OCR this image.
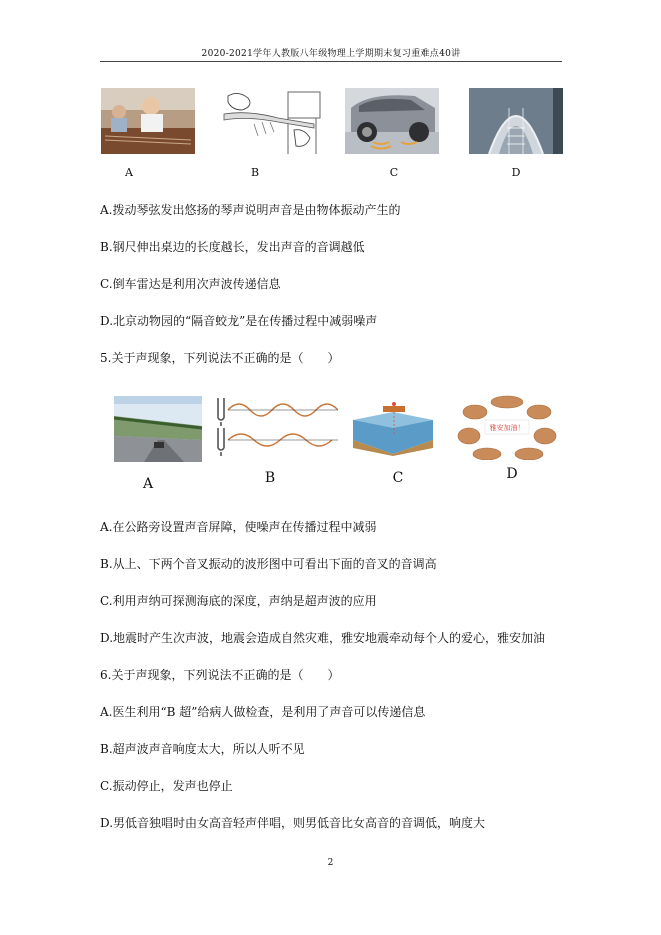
2020-2021学年人教版八年级物理上学期期末复习重难点40讲
A	B	C	D
A.拨动琴弦发出悠扬的琴声说明声音是由物体振动产生的
B.钢尺伸出桌边的长度越长，发出声音的音调越低
C.倒车雷达是利用次声波传递信息
D.北京动物园的“隔音蛟龙”是在传播过程中减弱噪声
5.关于声现象，下列说法不正确的是（　　）
雅安加油！
A	B	C	D
A.在公路旁设置声音屏障，使噪声在传播过程中减弱
B.从上、下两个音叉振动的波形图中可看出下面的音叉的音调高
C.利用声纳可探测海底的深度，声纳是超声波的应用
D.地震时产生次声波，地震会造成自然灾难，雅安地震牵动每个人的爱心，雅安加油
6.关于声现象，下列说法不正确的是（　　）
A.医生利用“B 超”给病人做检查，是利用了声音可以传递信息
B.超声波声音响度太大，所以人听不见
C.振动停止，发声也停止
D.男低音独唱时由女高音轻声伴唱，则男低音比女高音的音调低，响度大
2
